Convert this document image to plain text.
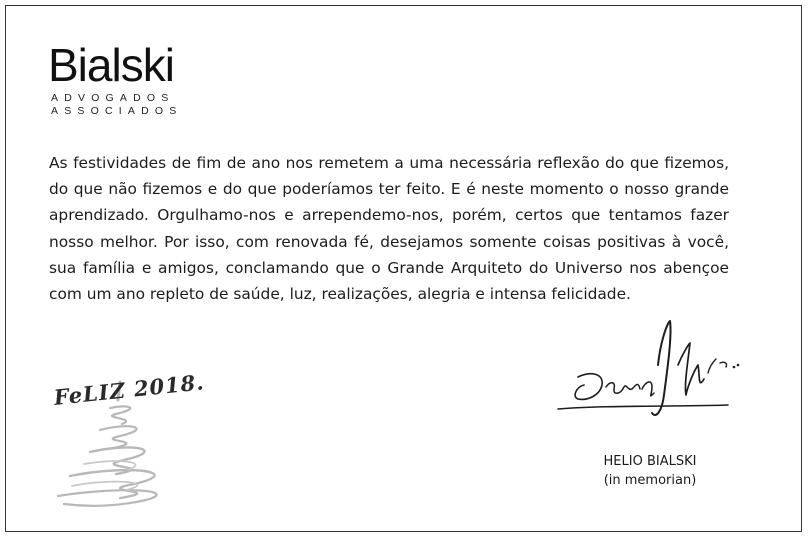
Bialski
ADVOGADOS
ASSOCIADOS

As festividades de fim de ano nos remetem a uma necessária reflexão do que fizemos, do que não fizemos e do que poderíamos ter feito. E é neste momento o nosso grande aprendizado. Orgulhamo-nos e arrependemo-nos, porém, certos que tentamos fazer nosso melhor. Por isso, com renovada fé, desejamos somente coisas positivas à você, sua família e amigos, conclamando que o Grande Arquiteto do Universo nos abençoe com um ano repleto de saúde, luz, realizações, alegria e intensa felicidade.

FeLIZ 2018.
HELIO BIALSKI
(in memorian)
